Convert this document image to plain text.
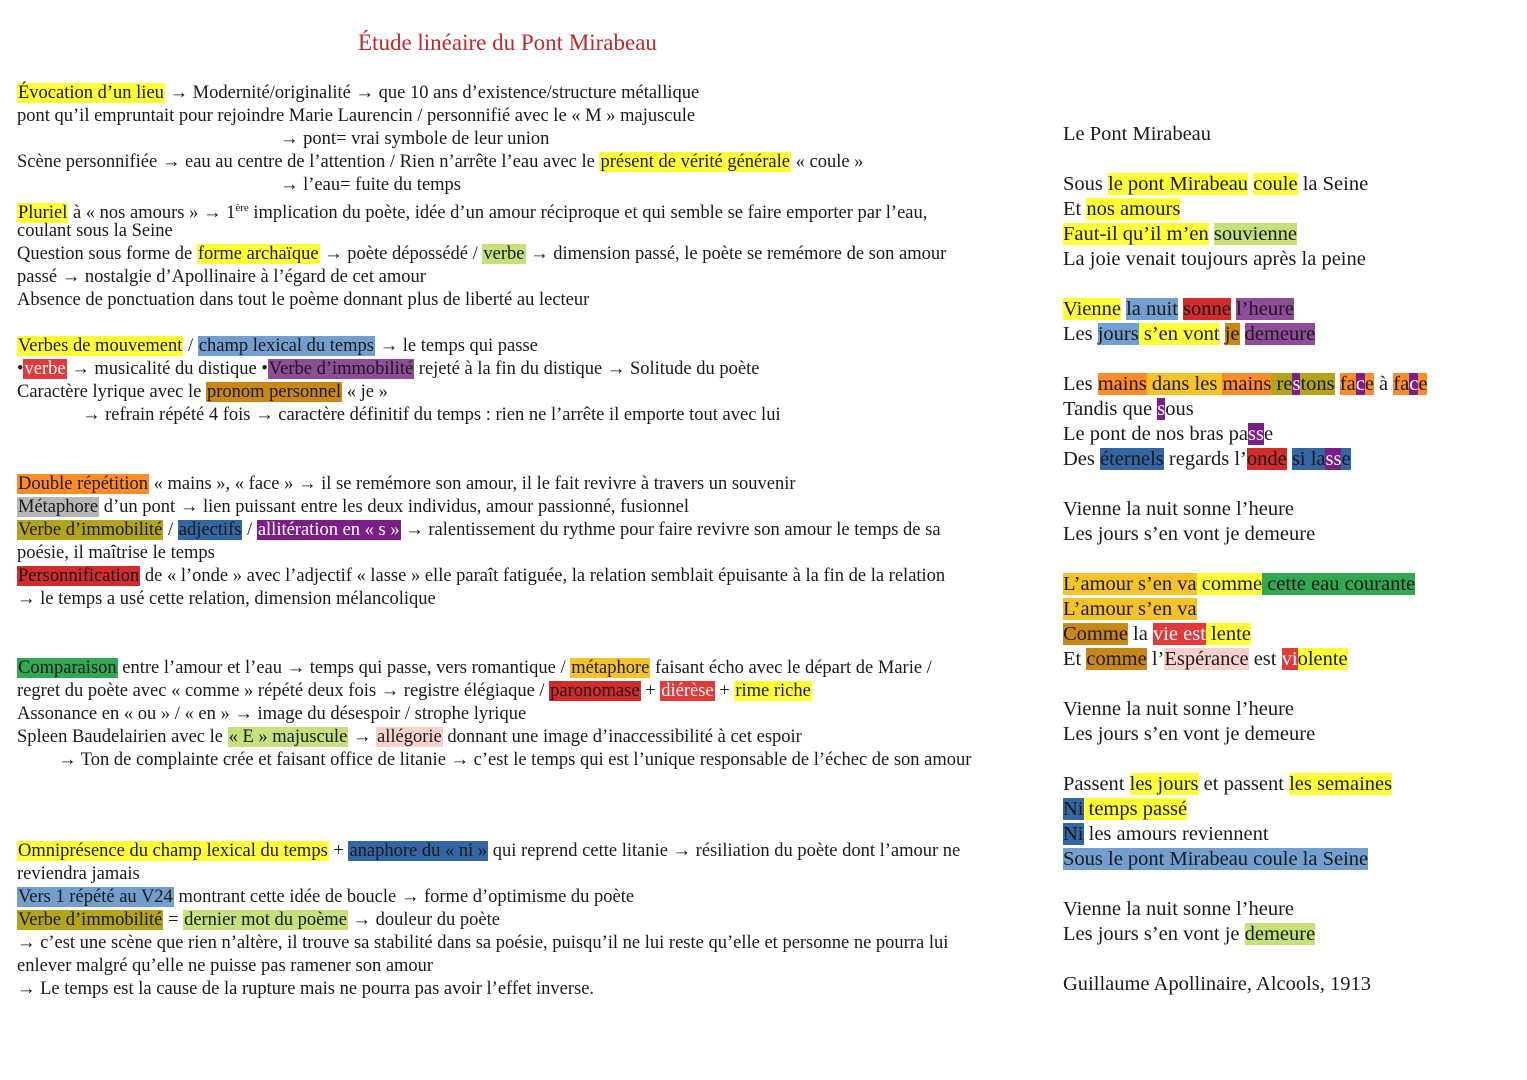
Étude linéaire du Pont Mirabeau
Évocation d’un lieu → Modernité/originalité → que 10 ans d’existence/structure métallique
pont qu’il empruntait pour rejoindre Marie Laurencin / personnifié avec le « M » majuscule
→ pont= vrai symbole de leur union
Scène personnifiée → eau au centre de l’attention / Rien n’arrête l’eau avec le présent de vérité générale « coule »
→ l’eau= fuite du temps
Pluriel à « nos amours » → 1ère implication du poète, idée d’un amour réciproque et qui semble se faire emporter par l’eau,
coulant sous la Seine
Question sous forme de forme archaïque → poète dépossédé / verbe → dimension passé, le poète se remémore de son amour
passé → nostalgie d’Apollinaire à l’égard de cet amour
Absence de ponctuation dans tout le poème donnant plus de liberté au lecteur
Verbes de mouvement / champ lexical du temps → le temps qui passe
•verbe → musicalité du distique •Verbe d’immobilité rejeté à la fin du distique → Solitude du poète
Caractère lyrique avec le pronom personnel « je »
→ refrain répété 4 fois → caractère définitif du temps : rien ne l’arrête il emporte tout avec lui
Double répétition « mains », « face » → il se remémore son amour, il le fait revivre à travers un souvenir
Métaphore d’un pont → lien puissant entre les deux individus, amour passionné, fusionnel
Verbe d’immobilité / adjectifs / allitération en « s » → ralentissement du rythme pour faire revivre son amour le temps de sa
poésie, il maîtrise le temps
Personnification de « l’onde » avec l’adjectif « lasse » elle paraît fatiguée, la relation semblait épuisante à la fin de la relation
→ le temps a usé cette relation, dimension mélancolique
Comparaison entre l’amour et l’eau → temps qui passe, vers romantique / métaphore faisant écho avec le départ de Marie /
regret du poète avec « comme » répété deux fois → registre élégiaque / paronomase + diérèse + rime riche
Assonance en « ou » / « en » → image du désespoir / strophe lyrique
Spleen Baudelairien avec le « E » majuscule → allégorie donnant une image d’inaccessibilité à cet espoir
→ Ton de complainte crée et faisant office de litanie → c’est le temps qui est l’unique responsable de l’échec de son amour
Omniprésence du champ lexical du temps + anaphore du « ni » qui reprend cette litanie → résiliation du poète dont l’amour ne
reviendra jamais
Vers 1 répété au V24 montrant cette idée de boucle → forme d’optimisme du poète
Verbe d’immobilité = dernier mot du poème → douleur du poète
→ c’est une scène que rien n’altère, il trouve sa stabilité dans sa poésie, puisqu’il ne lui reste qu’elle et personne ne pourra lui
enlever malgré qu’elle ne puisse pas ramener son amour
→ Le temps est la cause de la rupture mais ne pourra pas avoir l’effet inverse.
Le Pont Mirabeau
Sous le pont Mirabeau coule la Seine
Et nos amours
Faut-il qu’il m’en souvienne
La joie venait toujours après la peine
Vienne la nuit sonne l’heure
Les jours s’en vont je demeure
Les mains dans les mains restons face à face
Tandis que sous
Le pont de nos bras passe
Des éternels regards l’onde si lasse
Vienne la nuit sonne l’heure
Les jours s’en vont je demeure
L’amour s’en va comme cette eau courante
L’amour s’en va
Comme la vie est lente
Et comme l’Espérance est violente
Vienne la nuit sonne l’heure
Les jours s’en vont je demeure
Passent les jours et passent les semaines
Ni temps passé
Ni les amours reviennent
Sous le pont Mirabeau coule la Seine
Vienne la nuit sonne l’heure
Les jours s’en vont je demeure
Guillaume Apollinaire, Alcools, 1913
